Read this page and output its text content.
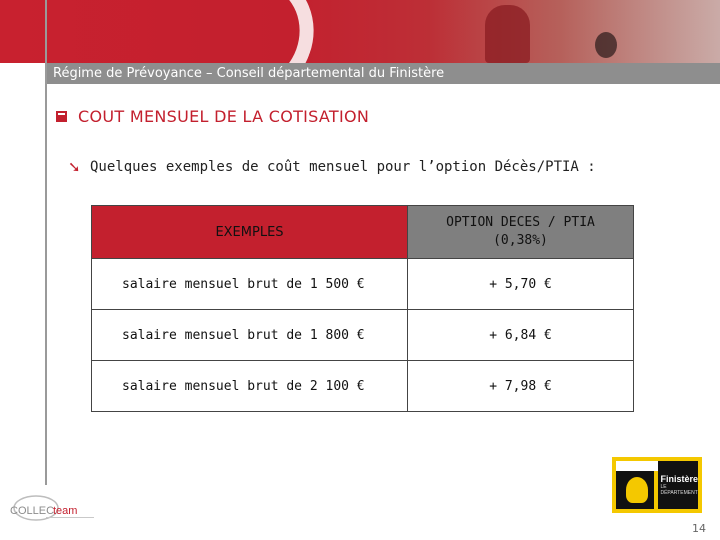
Régime de Prévoyance – Conseil départemental du Finistère
COUT MENSUEL DE LA COTISATION
➘ Quelques exemples de coût mensuel pour l’option Décès/PTIA :
EXEMPLES	OPTION DECES / PTIA
(0,38%)
salaire mensuel brut de 1 500 €	+ 5,70 €
salaire mensuel brut de 1 800 €	+ 6,84 €
salaire mensuel brut de 2 100 €	+ 7,98 €
COLLEC
team
Finistère
LE DÉPARTEMENT
14
